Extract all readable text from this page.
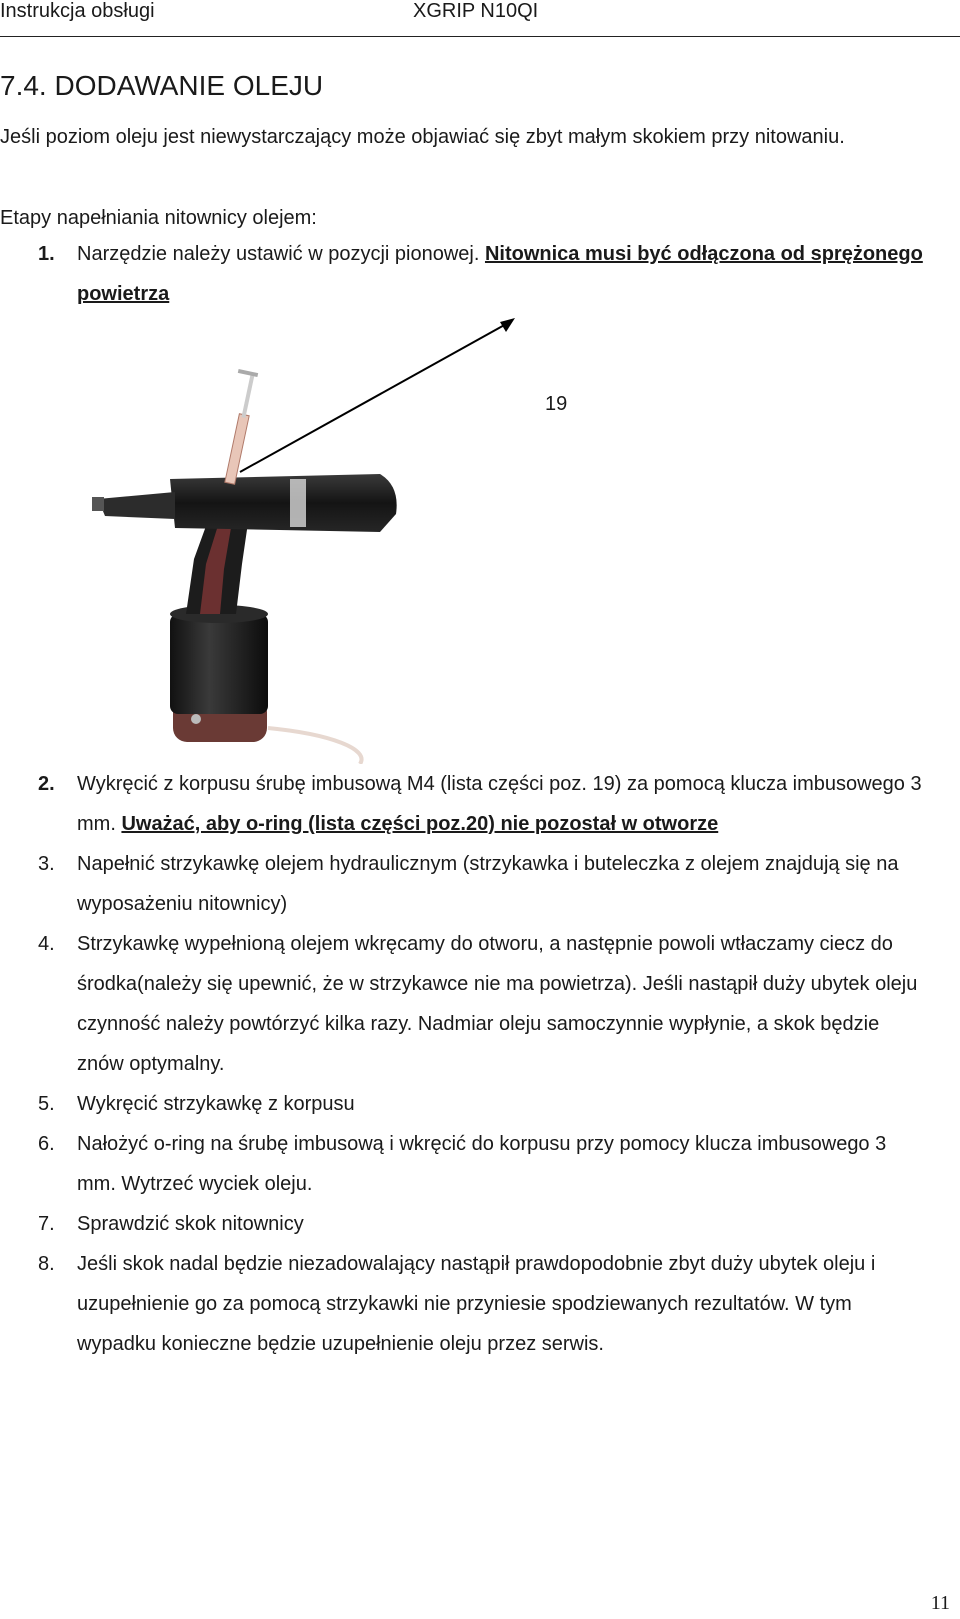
Instrukcja obsługi	XGRIP N10QI
7.4. DODAWANIE OLEJU

Jeśli poziom oleju jest niewystarczający może objawiać się zbyt małym skokiem przy nitowaniu.

Etapy napełniania nitownicy olejem:

1. Narzędzie należy ustawić w pozycji pionowej. Nitownica musi być odłączona od sprężonego powietrza
19
2. Wykręcić z korpusu śrubę imbusową M4 (lista części poz. 19) za pomocą klucza imbusowego 3 mm. Uważać, aby o-ring (lista części poz.20) nie pozostał w otworze
3. Napełnić strzykawkę olejem hydraulicznym (strzykawka i buteleczka z olejem znajdują się na wyposażeniu nitownicy)
4. Strzykawkę wypełnioną olejem wkręcamy do otworu, a następnie powoli wtłaczamy ciecz do środka(należy się upewnić, że w strzykawce nie ma powietrza). Jeśli nastąpił duży ubytek oleju czynność należy powtórzyć kilka razy. Nadmiar oleju samoczynnie wypłynie, a skok będzie znów optymalny.
5. Wykręcić strzykawkę z korpusu
6. Nałożyć o-ring na śrubę imbusową i wkręcić do korpusu przy pomocy klucza imbusowego 3 mm. Wytrzeć wyciek oleju.
7. Sprawdzić skok nitownicy
8. Jeśli skok nadal będzie niezadowalający nastąpił prawdopodobnie zbyt duży ubytek oleju i uzupełnienie go za pomocą strzykawki nie przyniesie spodziewanych rezultatów. W tym wypadku konieczne będzie uzupełnienie oleju przez serwis.
11
